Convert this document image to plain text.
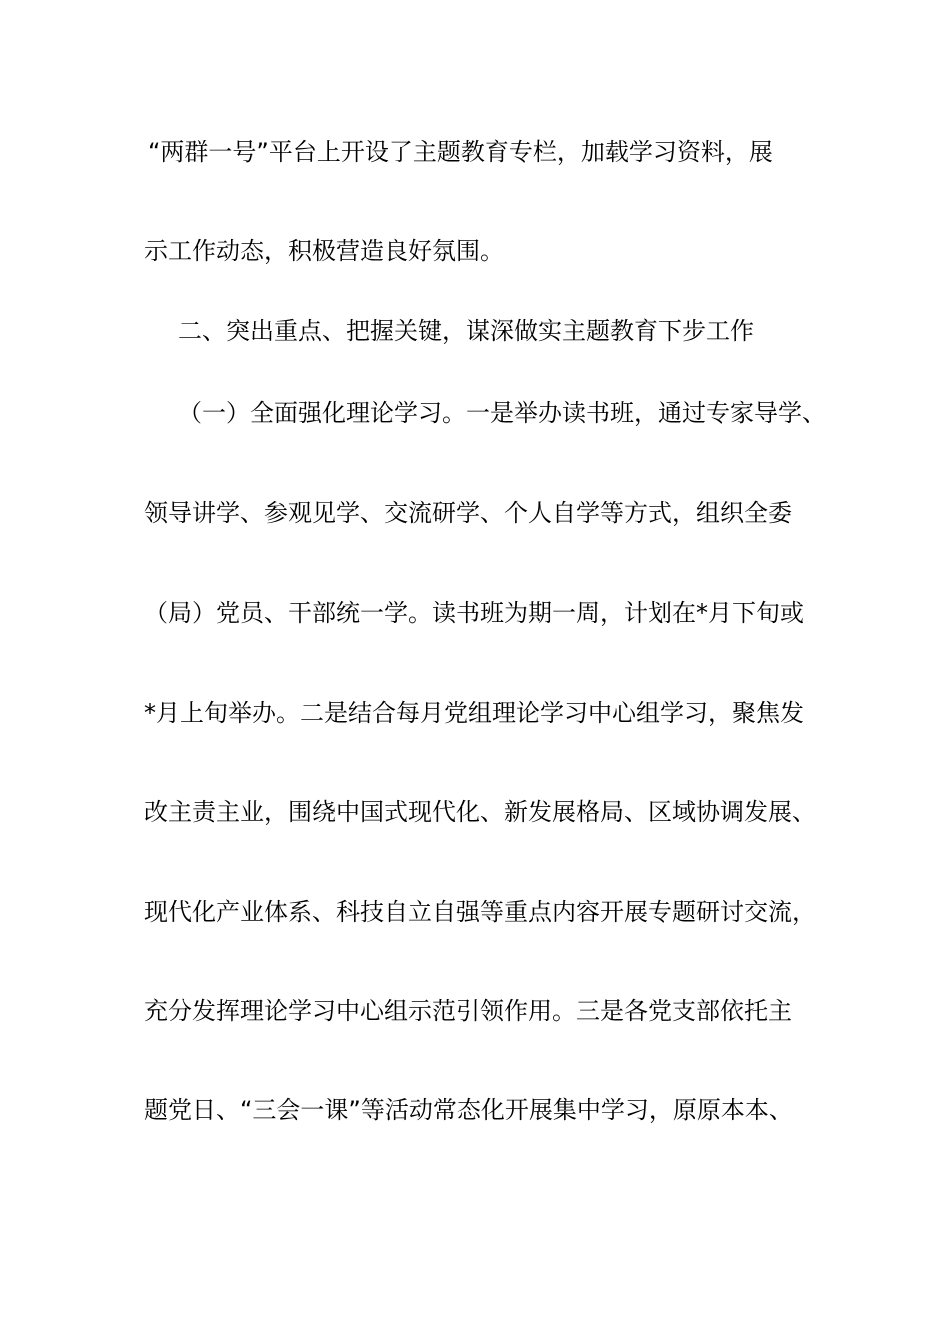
“两群一号”平台上开设了主题教育专栏，加载学习资料，展
示工作动态，积极营造良好氛围。
二、突出重点、把握关键，谋深做实主题教育下步工作
（一）全面强化理论学习。一是举办读书班，通过专家导学、
领导讲学、参观见学、交流研学、个人自学等方式，组织全委
（局）党员、干部统一学。读书班为期一周，计划在*月下旬或
*月上旬举办。二是结合每月党组理论学习中心组学习，聚焦发
改主责主业，围绕中国式现代化、新发展格局、区域协调发展、
现代化产业体系、科技自立自强等重点内容开展专题研讨交流，
充分发挥理论学习中心组示范引领作用。三是各党支部依托主
题党日、“三会一课”等活动常态化开展集中学习，原原本本、
